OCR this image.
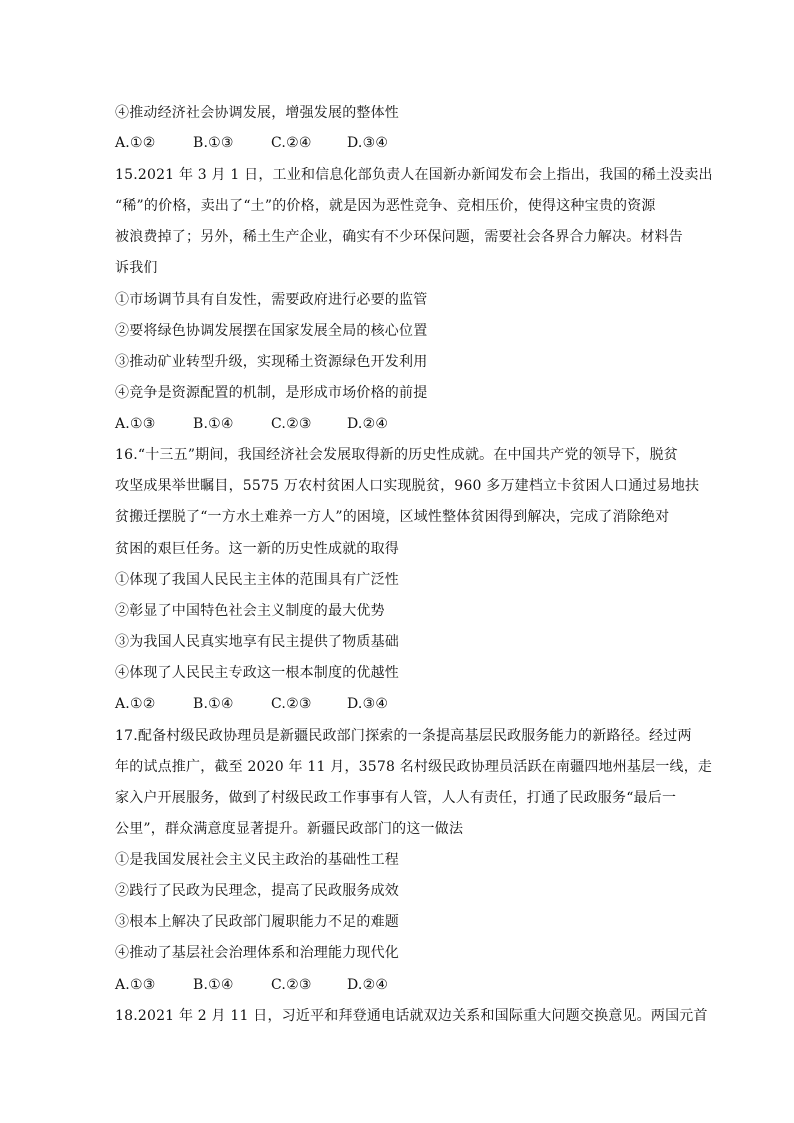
④推动经济社会协调发展，增强发展的整体性
A.①②	B.①③	C.②④	D.③④
15.2021 年 3 月 1 日，工业和信息化部负责人在国新办新闻发布会上指出，我国的稀土没卖出
“稀”的价格，卖出了“土”的价格，就是因为恶性竞争、竞相压价，使得这种宝贵的资源
被浪费掉了；另外，稀土生产企业，确实有不少环保问题，需要社会各界合力解决。材料告
诉我们
①市场调节具有自发性，需要政府进行必要的监管
②要将绿色协调发展摆在国家发展全局的核心位置
③推动矿业转型升级，实现稀土资源绿色开发利用
④竞争是资源配置的机制，是形成市场价格的前提
A.①③	B.①④	C.②③	D.②④
16.“十三五”期间，我国经济社会发展取得新的历史性成就。在中国共产党的领导下，脱贫
攻坚成果举世瞩目，5575 万农村贫困人口实现脱贫，960 多万建档立卡贫困人口通过易地扶
贫搬迁摆脱了“一方水土难养一方人”的困境，区域性整体贫困得到解决，完成了消除绝对
贫困的艰巨任务。这一新的历史性成就的取得
①体现了我国人民民主主体的范围具有广泛性
②彰显了中国特色社会主义制度的最大优势
③为我国人民真实地享有民主提供了物质基础
④体现了人民民主专政这一根本制度的优越性
A.①②	B.①④	C.②③	D.③④
17.配备村级民政协理员是新疆民政部门探索的一条提高基层民政服务能力的新路径。经过两
年的试点推广，截至 2020 年 11 月，3578 名村级民政协理员活跃在南疆四地州基层一线，走
家入户开展服务，做到了村级民政工作事事有人管，人人有责任，打通了民政服务“最后一
公里”，群众满意度显著提升。新疆民政部门的这一做法
①是我国发展社会主义民主政治的基础性工程
②践行了民政为民理念，提高了民政服务成效
③根本上解决了民政部门履职能力不足的难题
④推动了基层社会治理体系和治理能力现代化
A.①③	B.①④	C.②③	D.②④
18.2021 年 2 月 11 日，习近平和拜登通电话就双边关系和国际重大问题交换意见。两国元首
